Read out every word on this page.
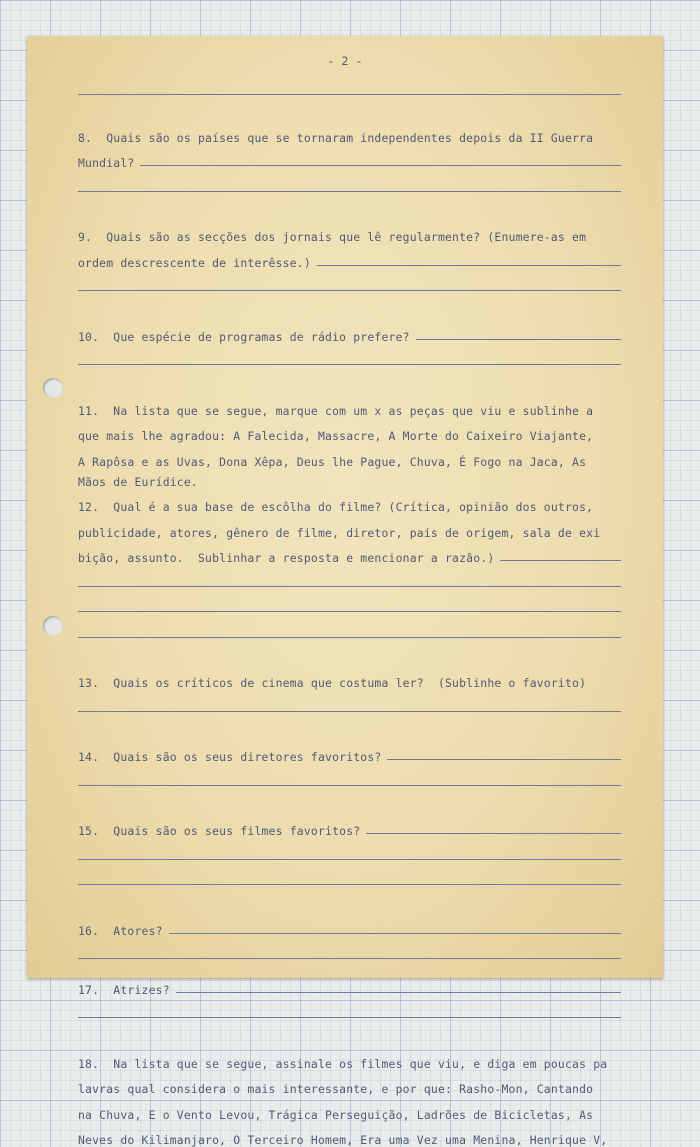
- 2 -
8.  Quais são os países que se tornaram independentes depois da II Guerra
Mundial?
9.  Quais são as secções dos jornais que lê regularmente? (Enumere-as em
ordem descrescente de interêsse.)
10.  Que espécie de programas de rádio prefere?
11.  Na lista que se segue, marque com um x as peças que viu e sublinhe a
que mais lhe agradou: A Falecida, Massacre, A Morte do Caixeiro Viajante,
A Rapôsa e as Uvas, Dona Xêpa, Deus lhe Pague, Chuva, É Fogo na Jaca, As
Mãos de Eurídice.
12.  Qual é a sua base de escôlha do filme? (Crítica, opinião dos outros,
publicidade, atores, gênero de filme, diretor, país de origem, sala de exi
bição, assunto.  Sublinhar a resposta e mencionar a razão.)
13.  Quais os críticos de cinema que costuma ler?  (Sublinhe o favorito)
14.  Quais são os seus diretores favoritos?
15.  Quais são os seus filmes favoritos?
16.  Atores?
17.  Atrizes?
18.  Na lista que se segue, assinale os filmes que viu, e diga em poucas pa
lavras qual considera o mais interessante, e por que: Rasho-Mon, Cantando
na Chuva, E o Vento Levou, Trágica Perseguição, Ladrões de Bicicletas, As
Neves do Kilimanjaro, O Terceiro Homem, Era uma Vez uma Menina, Henrique V,
